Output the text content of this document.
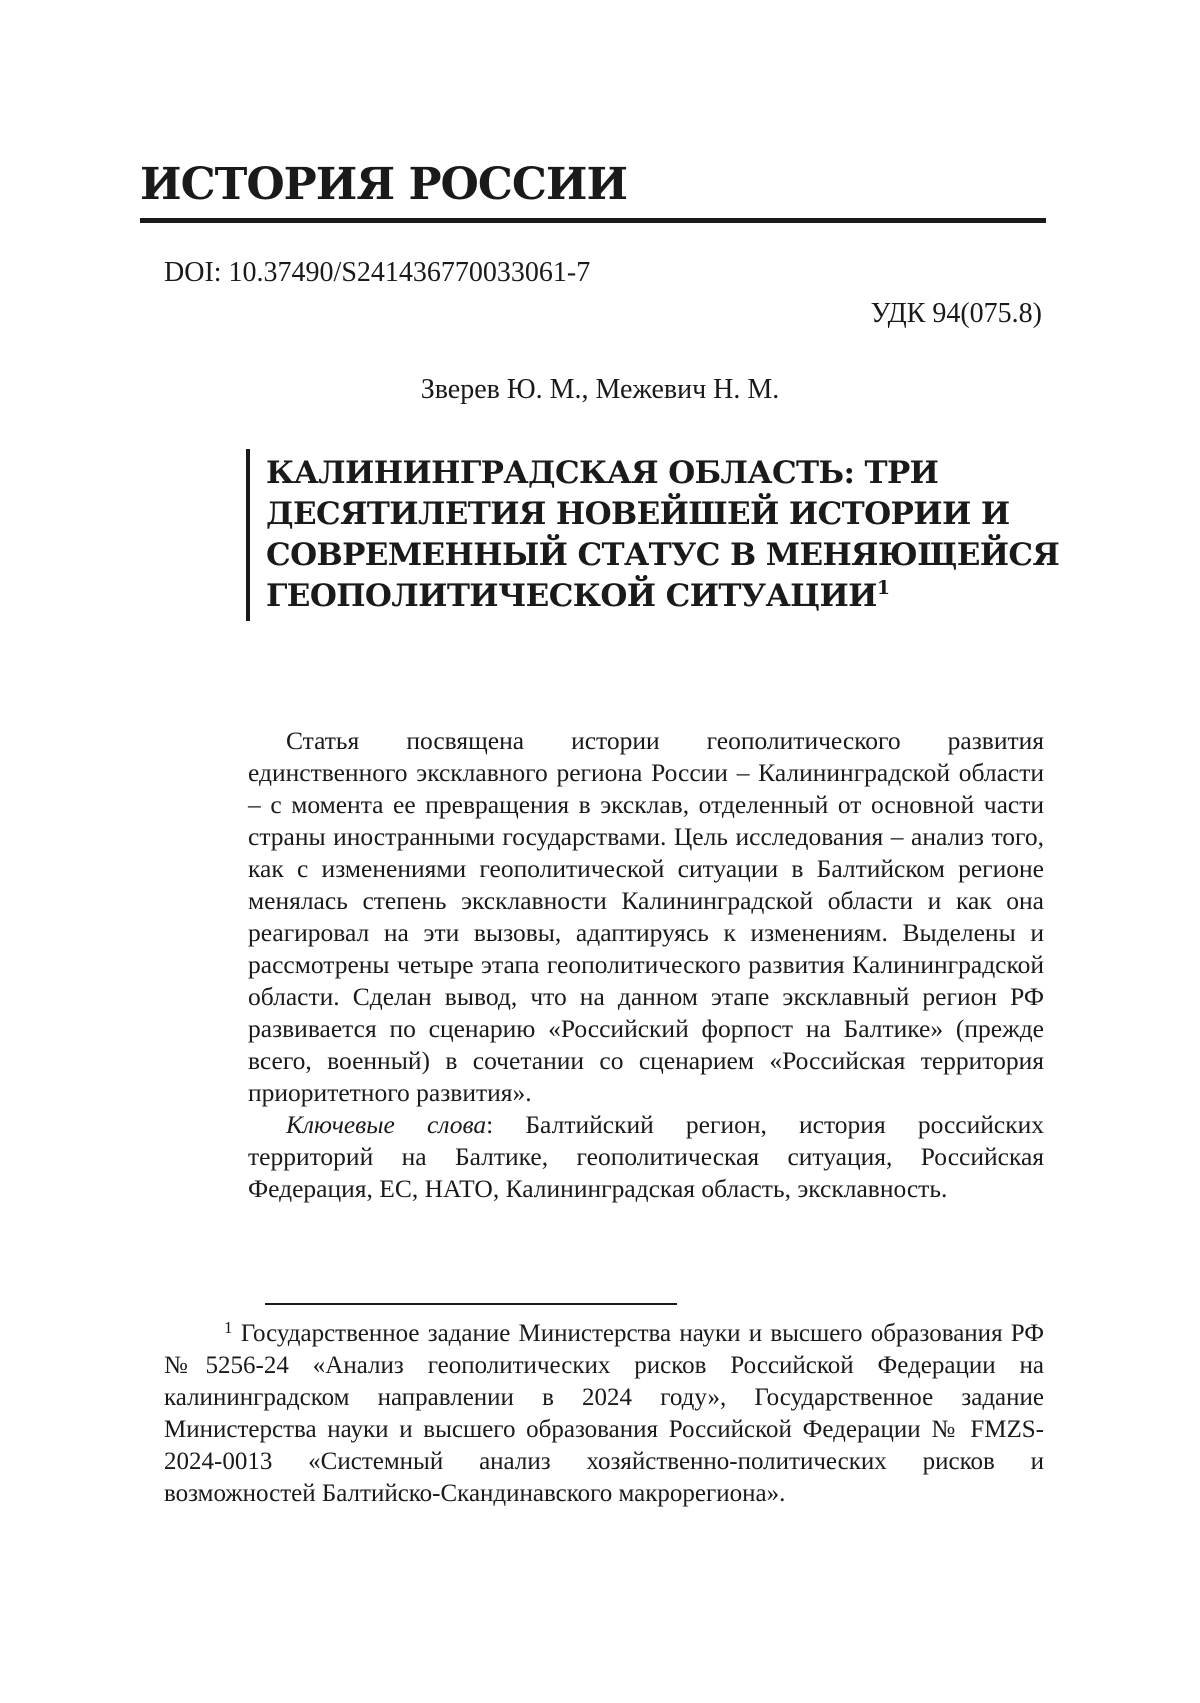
ИСТОРИЯ РОССИИ
DOI: 10.37490/S241436770033061-7
УДК 94(075.8)
Зверев Ю. М., Межевич Н. М.
КАЛИНИНГРАДСКАЯ ОБЛАСТЬ: ТРИ ДЕСЯТИЛЕТИЯ НОВЕЙШЕЙ ИСТОРИИ И СОВРЕМЕННЫЙ СТАТУС В МЕНЯЮЩЕЙСЯ ГЕОПОЛИТИЧЕСКОЙ СИТУАЦИИ$^1$

Статья посвящена истории геополитического развития единственного эксклавного региона России – Калининградской области – с момента ее превращения в эксклав, отделенный от основной части страны иностранными государствами. Цель исследования – анализ того, как с изменениями геополитической ситуации в Балтийском регионе менялась степень эксклавности Калининградской области и как она реагировал на эти вызовы, адаптируясь к изменениям. Выделены и рассмотрены четыре этапа геополитического развития Калининградской области. Сделан вывод, что на данном этапе эксклавный регион РФ развивается по сценарию «Российский форпост на Балтике» (прежде всего, военный) в сочетании со сценарием «Российская территория приоритетного развития».

Ключевые слова: Балтийский регион, история российских территорий на Балтике, геополитическая ситуация, Российская Федерация, ЕС, НАТО, Калининградская область, эксклавность.

$^1$ Государственное задание Министерства науки и высшего образования РФ №5256-24 «Анализ геополитических рисков Российской Федерации на калининградском направлении в 2024 году», Государственное задание Министерства науки и высшего образования Российской Федерации № FMZS-2024-0013 «Системный анализ хозяйственно-политических рисков и возможностей Балтийско-Скандинавского макрорегиона».
